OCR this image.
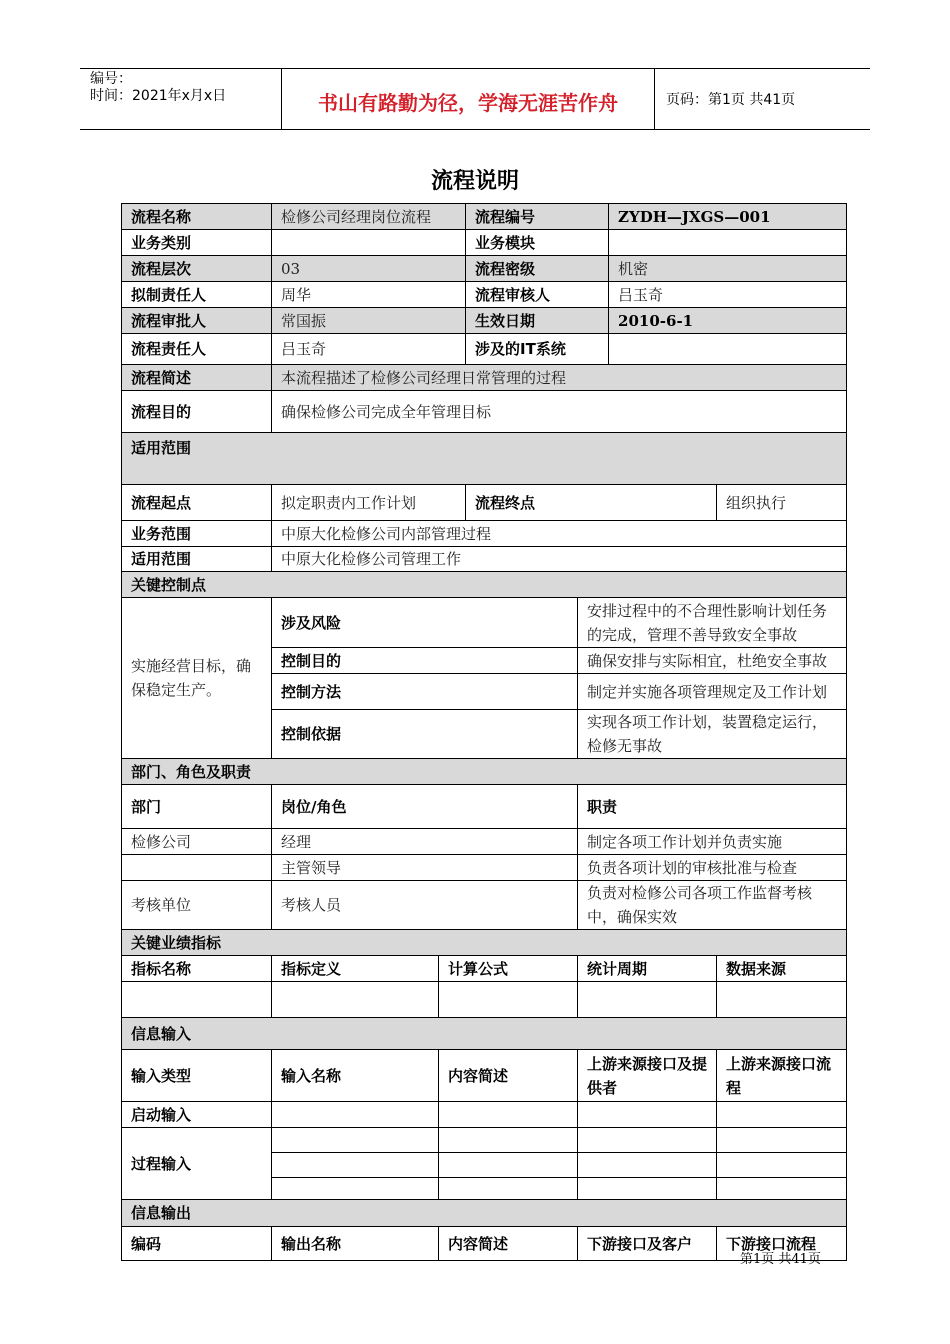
编号：
时间：2021年x月x日	书山有路勤为径，学海无涯苦作舟	页码：第1页 共41页
流程说明
流程名称	检修公司经理岗位流程		流程编号		ZYDH—JXGS—001	
业务类别			业务模块			
流程层次	03		流程密级		机密	
拟制责任人	周华		流程审核人		吕玉奇	
流程审批人	常国振		生效日期		2010-6-1	
流程责任人	吕玉奇		涉及的IT系统			
流程简述	本流程描述了检修公司经理日常管理的过程					
流程目的	确保检修公司完成全年管理目标					
适用范围						
流程起点	拟定职责内工作计划		流程终点			组织执行
业务范围	中原大化检修公司内部管理过程					
适用范围	中原大化检修公司管理工作					
关键控制点						
实施经营目标，确保稳定生产。	涉及风险			安排过程中的不合理性影响计划任务的完成，管理不善导致安全事故		
	控制目的			确保安排与实际相宜，杜绝安全事故		
	控制方法			制定并实施各项管理规定及工作计划		
	控制依据			实现各项工作计划，装置稳定运行，检修无事故		
部门、角色及职责						
部门	岗位/角色			职责		
检修公司	经理			制定各项工作计划并负责实施		
	主管领导			负责各项计划的审核批准与检查		
考核单位	考核人员			负责对检修公司各项工作监督考核中，确保实效		
关键业绩指标						
指标名称	指标定义	计算公式		统计周期		数据来源

信息输入						
输入类型	输入名称	内容简述		上游来源接口及提供者		上游来源接口流程
启动输入						
过程输入						

信息输出						
编码	输出名称	内容简述		下游接口及客户		下游接口流程
第1页 共41页
